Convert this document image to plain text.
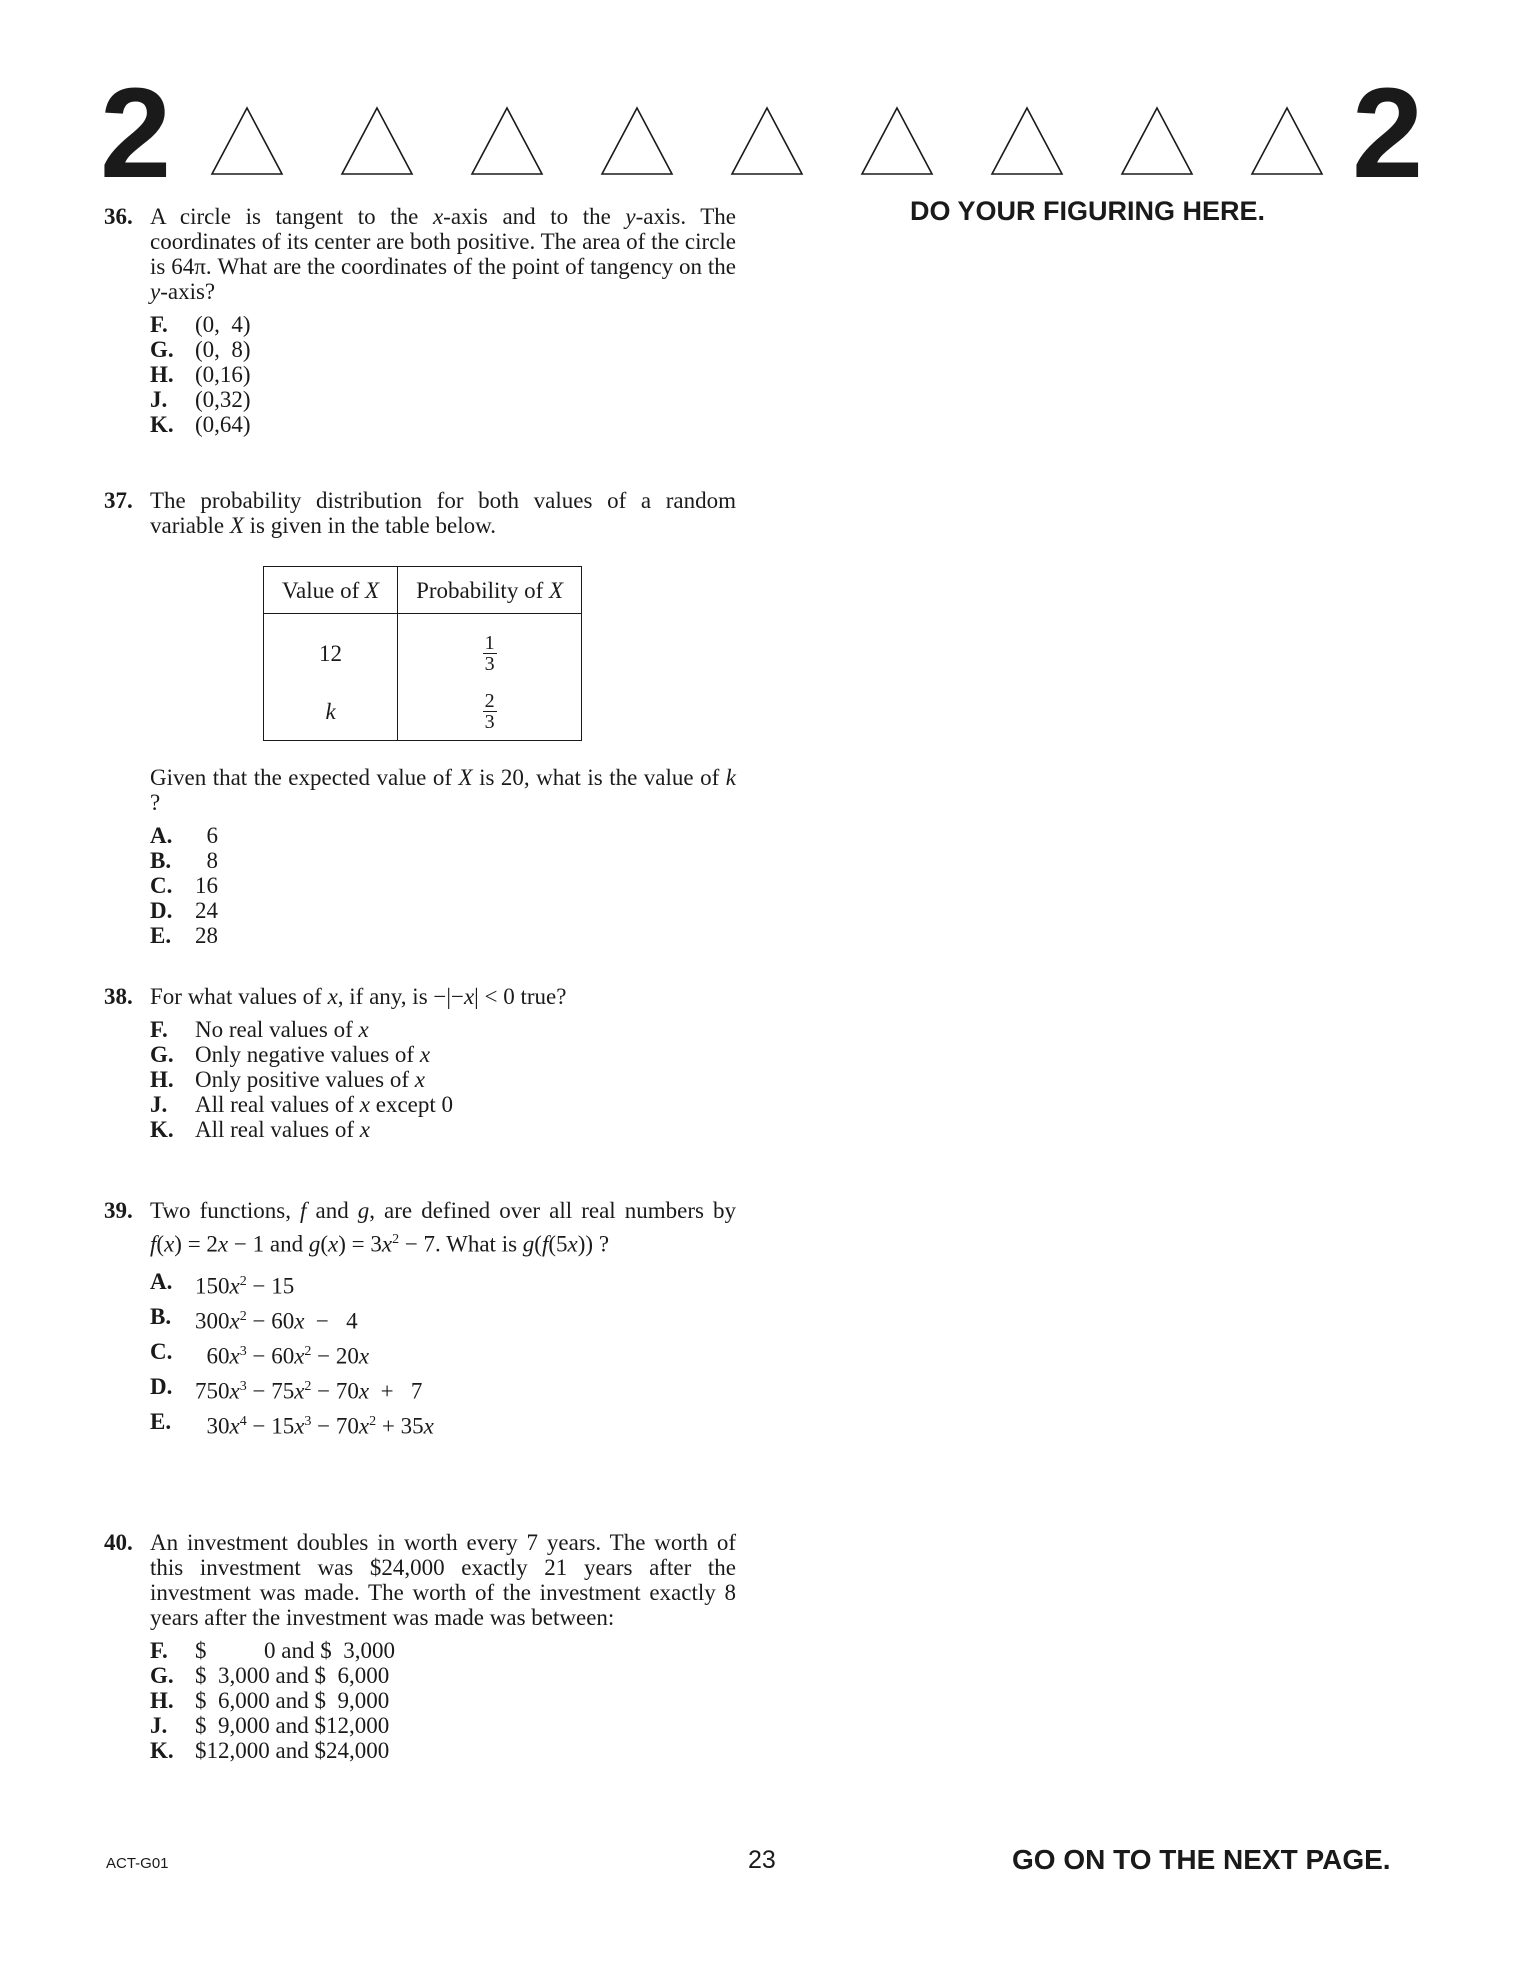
2	2
DO YOUR FIGURING HERE.
36. A circle is tangent to the x-axis and to the y-axis. The coordinates of its center are both positive. The area of the circle is 64π. What are the coordinates of the point of tangency on the y-axis?
F.	(0,  4)
G. (0,  8)
H. (0,16)
J.	(0,32)
K. (0,64)
37. The probability distribution for both values of a random variable X is given in the table below.
Value of X	Probability of X

12	$\frac{1}{3}$

k	$\frac{2}{3}$
Given that the expected value of X is 20, what is the value of k ?
A. 6
B.	8
C. 16
D. 24
E.	28
38. For what values of x, if any, is −|−x| < 0 true?
F.	No real values of x
G. Only negative values of x
H. Only positive values of x
J.	All real values of x except 0
K. All real values of x
39. Two functions, f and g, are defined over all real numbers by f(x) = 2x − 1 and $g(x) = 3x^2 - 7$. What is g(f(5x)) ?
A. $150x^2 - 15$
B.	$300x^2 - 60x - 4$
C. $60x^3 - 60x^2 - 20x$
D. $750x^3 - 75x^2 - 70x + 7$
E.	$30x^4 - 15x^3 - 70x^2 + 35x$
40. An investment doubles in worth every 7 years. The worth of this investment was $24,000 exactly 21 years after the investment was made. The worth of the investment exactly 8 years after the investment was made was between:
F.	$          0 and $  3,000
G. $  3,000 and $  6,000
H. $  6,000 and $  9,000
J.	$  9,000 and $12,000
K. $12,000 and $24,000
ACT-G01	23	GO ON TO THE NEXT PAGE.
